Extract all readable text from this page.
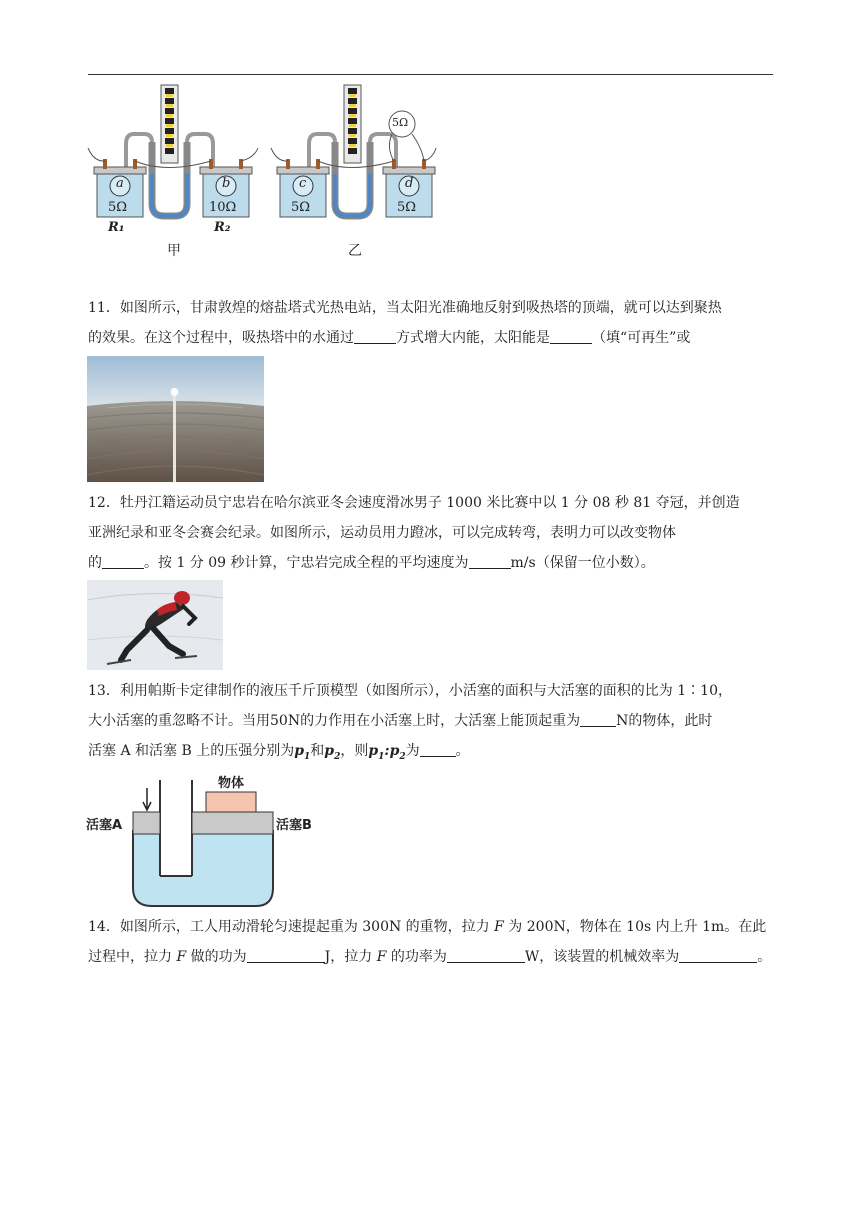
a
5Ω
R₁
b
10Ω
R₂
c
5Ω
d
5Ω
5Ω
甲	乙
11．如图所示，甘肃敦煌的熔盐塔式光热电站，当太阳光准确地反射到吸热塔的顶端，就可以达到聚热
的效果。在这个过程中，吸热塔中的水通过	方式增大内能，太阳能是	（填“可再生”或
12．牡丹江籍运动员宁忠岩在哈尔滨亚冬会速度滑冰男子 1000 米比赛中以 1 分 08 秒 81 夺冠，并创造
亚洲纪录和亚冬会赛会纪录。如图所示，运动员用力蹬冰，可以完成转弯，表明力可以改变物体
的	。按 1 分 09 秒计算，宁忠岩完成全程的平均速度为	m/s（保留一位小数）。
13．利用帕斯卡定律制作的液压千斤顶模型（如图所示），小活塞的面积与大活塞的面积的比为 1∶10，
大小活塞的重忽略不计。当用50N的力作用在小活塞上时，大活塞上能顶起重为	N的物体，此时
活塞 A 和活塞 B 上的压强分别为$p_1$和$p_2$，则$p_1:p_2$为	。
物体
活塞A	活塞B
14．如图所示，工人用动滑轮匀速提起重为 300N 的重物，拉力 F 为 200N，物体在 10s 内上升 1m。在此
过程中，拉力 F 做的功为	J，拉力 F 的功率为	W，该装置的机械效率为	。
